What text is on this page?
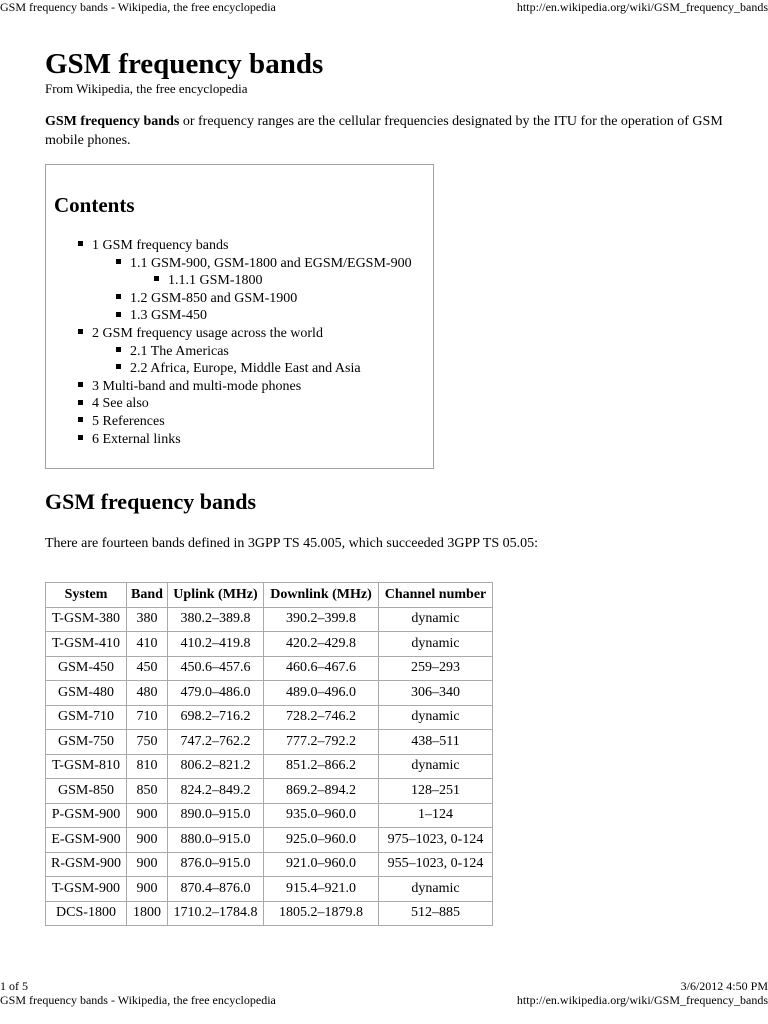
GSM frequency bands - Wikipedia, the free encyclopedia	http://en.wikipedia.org/wiki/GSM_frequency_bands
GSM frequency bands
From Wikipedia, the free encyclopedia

GSM frequency bands or frequency ranges are the cellular frequencies designated by the ITU for the operation of GSM mobile phones.

Contents
1 GSM frequency bands
1.1 GSM-900, GSM-1800 and EGSM/EGSM-900
1.1.1 GSM-1800
1.2 GSM-850 and GSM-1900
1.3 GSM-450
2 GSM frequency usage across the world
2.1 The Americas
2.2 Africa, Europe, Middle East and Asia
3 Multi-band and multi-mode phones
4 See also
5 References
6 External links
GSM frequency bands

There are fourteen bands defined in 3GPP TS 45.005, which succeeded 3GPP TS 05.05:

System	Band	Uplink (MHz)	Downlink (MHz)	Channel number
T-GSM-380	380	380.2–389.8	390.2–399.8	dynamic
T-GSM-410	410	410.2–419.8	420.2–429.8	dynamic
GSM-450	450	450.6–457.6	460.6–467.6	259–293
GSM-480	480	479.0–486.0	489.0–496.0	306–340
GSM-710	710	698.2–716.2	728.2–746.2	dynamic
GSM-750	750	747.2–762.2	777.2–792.2	438–511
T-GSM-810	810	806.2–821.2	851.2–866.2	dynamic
GSM-850	850	824.2–849.2	869.2–894.2	128–251
P-GSM-900	900	890.0–915.0	935.0–960.0	1–124
E-GSM-900	900	880.0–915.0	925.0–960.0	975–1023, 0-124
R-GSM-900	900	876.0–915.0	921.0–960.0	955–1023, 0-124
T-GSM-900	900	870.4–876.0	915.4–921.0	dynamic
DCS-1800	1800	1710.2–1784.8	1805.2–1879.8	512–885
1 of 5	3/6/2012 4:50 PM
GSM frequency bands - Wikipedia, the free encyclopedia	http://en.wikipedia.org/wiki/GSM_frequency_bands
